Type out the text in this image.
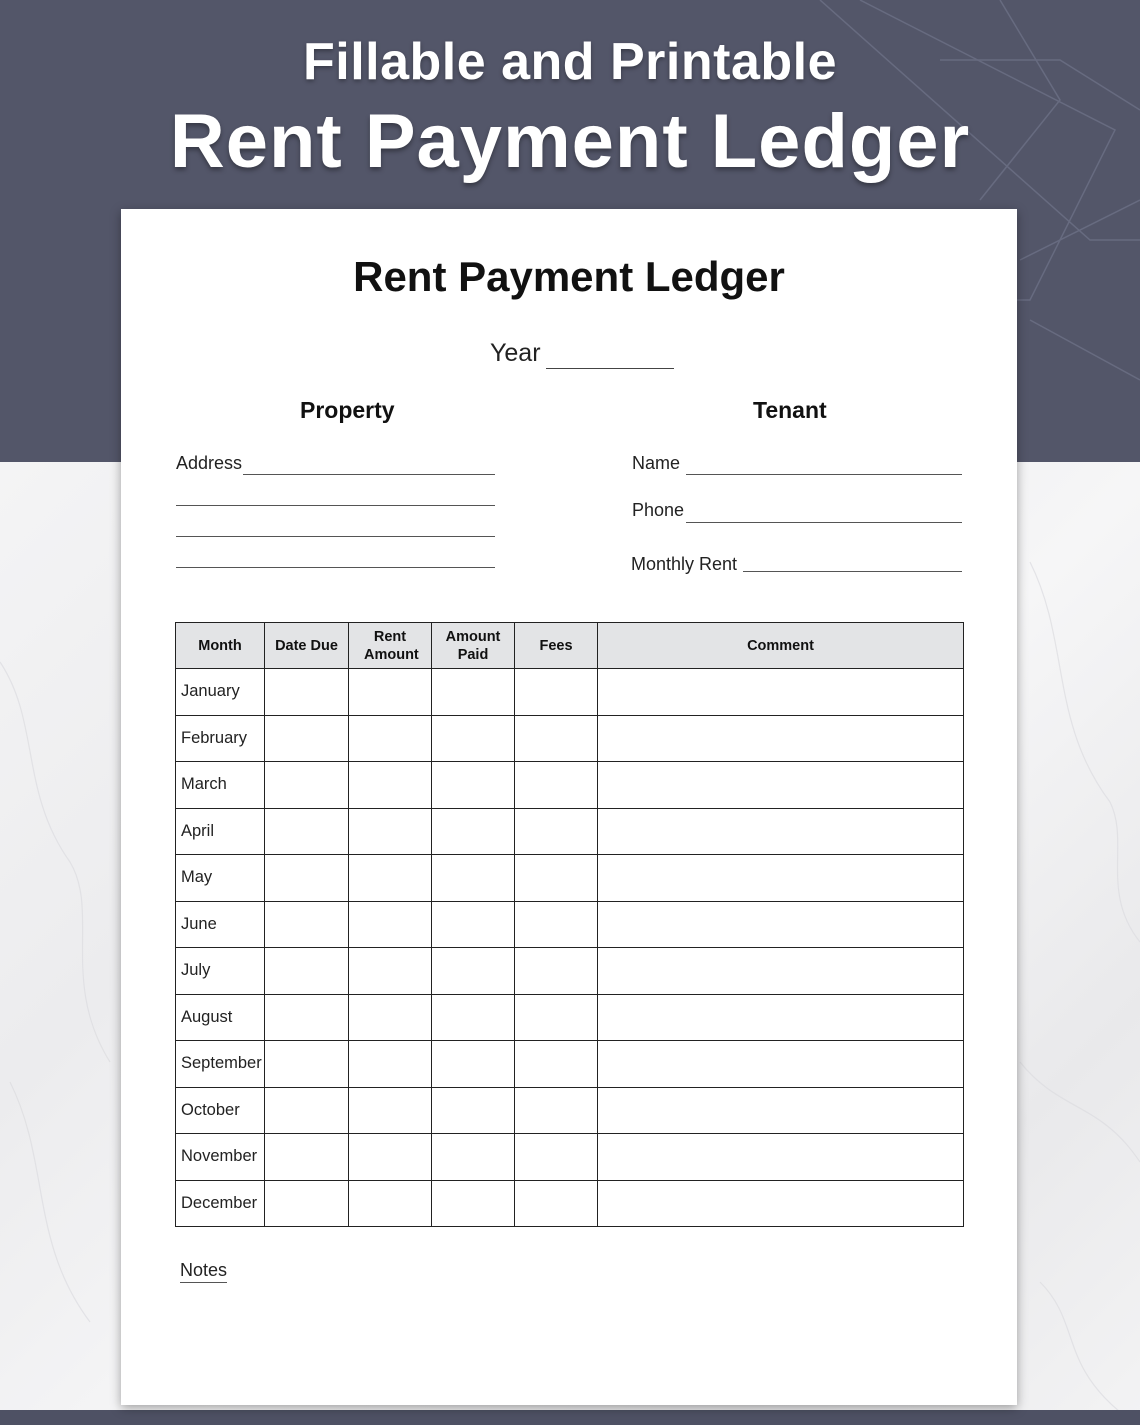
Fillable and Printable
Rent Payment Ledger
Rent Payment Ledger
Year
Property	Tenant
Address	Name
Phone
Monthly Rent
Month	Date Due	Rent Amount	Amount Paid	Fees	Comment
January					
February					
March					
April					
May					
June					
July					
August					
September					
October					
November					
December					
Notes
